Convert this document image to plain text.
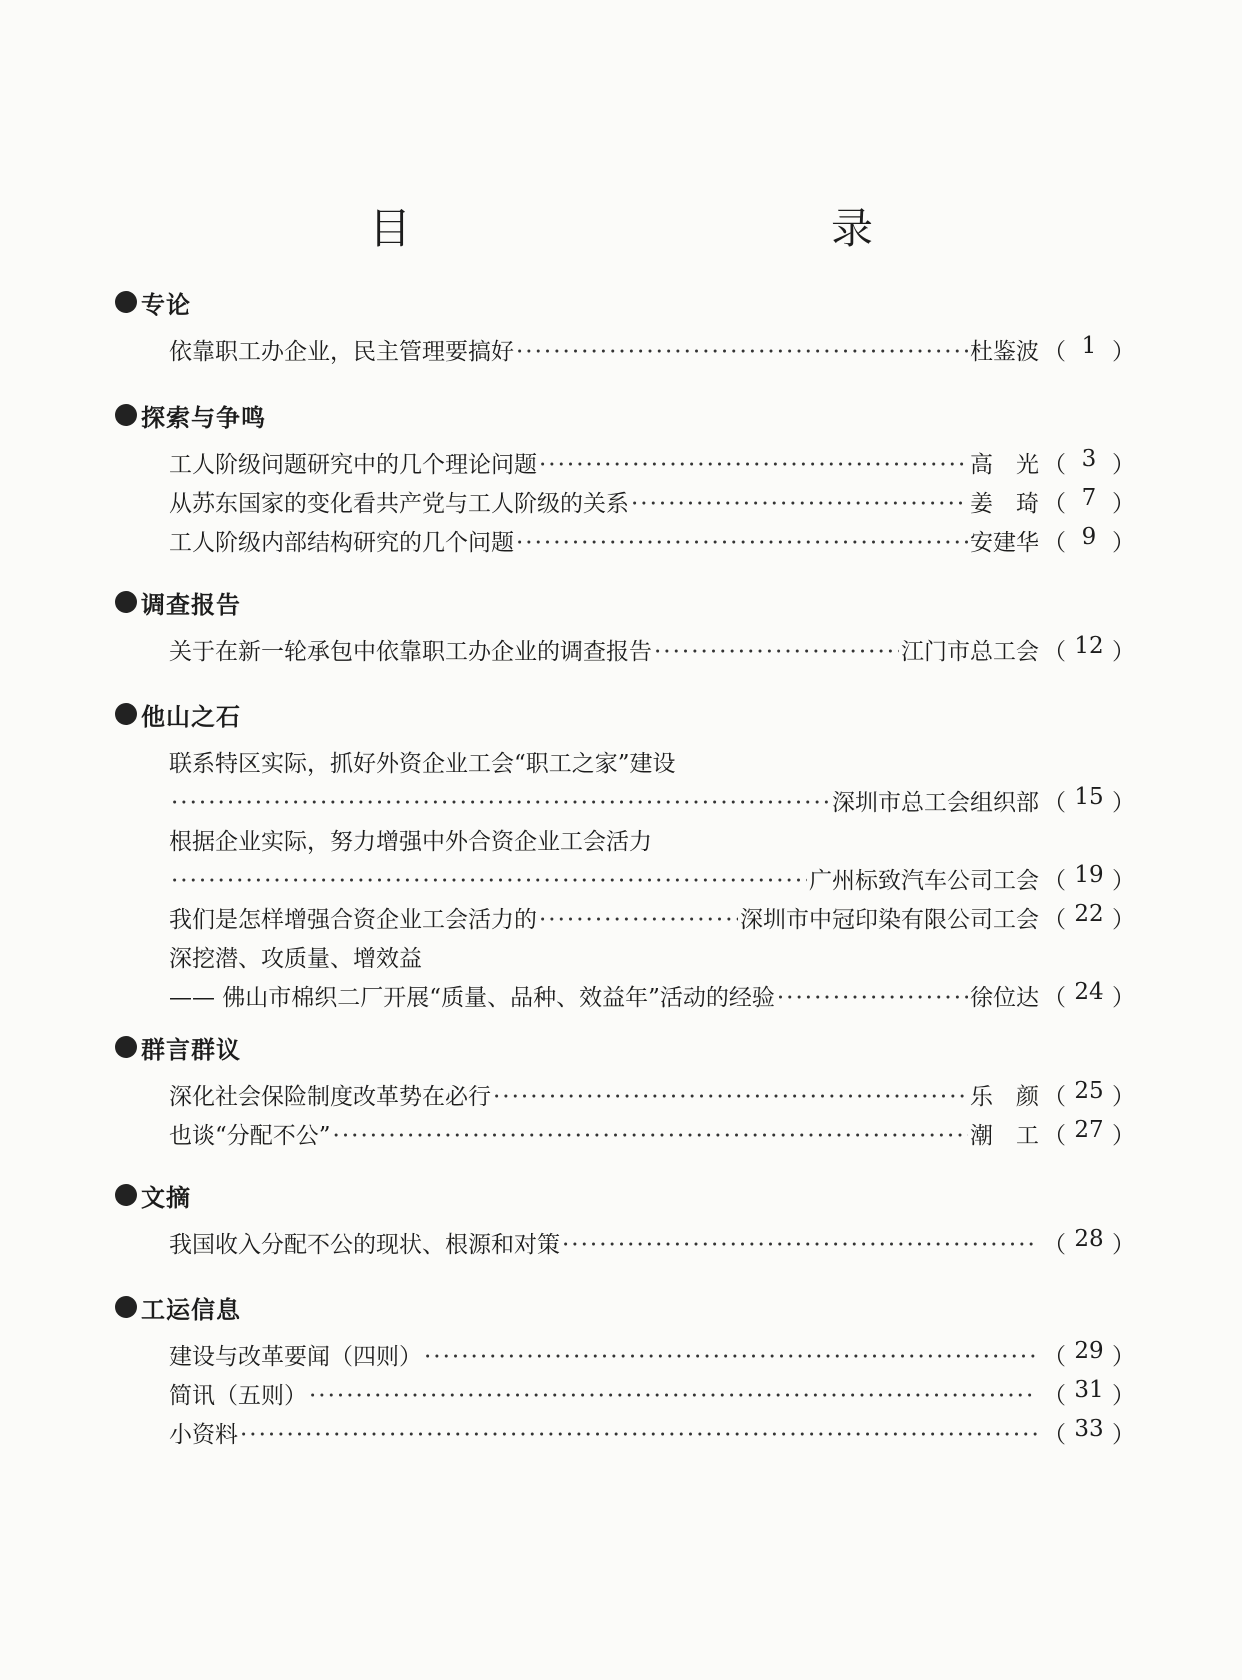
目　　录
专论
依靠职工办企业，民主管理要搞好 ·····	杜鉴波 （ 1 ）
探索与争鸣
工人阶级问题研究中的几个理论问题 ·····	高　光 （ 3 ）
从苏东国家的变化看共产党与工人阶级的关系 ·····	姜　琦 （ 7 ）
工人阶级内部结构研究的几个问题 ·····	安建华 （ 9 ）
调查报告
关于在新一轮承包中依靠职工办企业的调查报告 ·····	江门市总工会 （ 12 ）
他山之石
联系特区实际，抓好外资企业工会“职工之家”建设
·····
深圳市总工会组织部 （ 15 ）
根据企业实际，努力增强中外合资企业工会活力
·····
广州标致汽车公司工会 （ 19 ）
我们是怎样增强合资企业工会活力的 ·····	深圳市中冠印染有限公司工会 （ 22 ）
深挖潜、攻质量、增效益
—— 佛山市棉织二厂开展“质量、品种、效益年”活动的经验 ·····	徐位达 （ 24 ）
群言群议
深化社会保险制度改革势在必行 ·····	乐　颜 （ 25 ）
也谈“分配不公” ·····	潮　工 （ 27 ）
文摘
我国收入分配不公的现状、根源和对策 ·····	（ 28 ）
工运信息
建设与改革要闻（四则） ·····	（ 29 ）
简讯（五则） ·····	（ 31 ）
小资料 ·····	（ 33 ）
